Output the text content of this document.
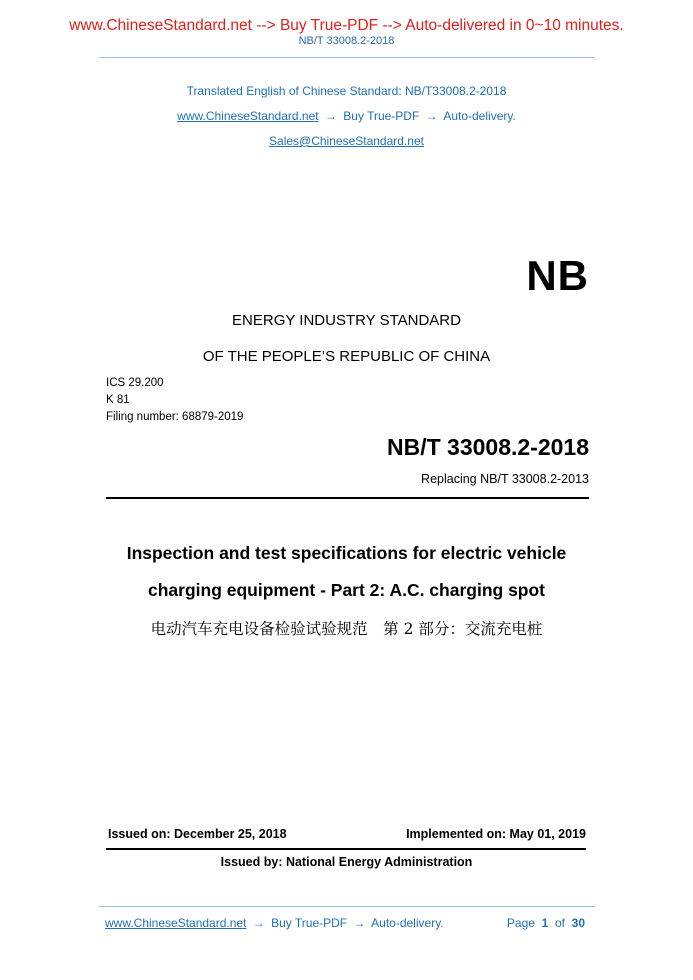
www.ChineseStandard.net --> Buy True-PDF --> Auto-delivered in 0~10 minutes.
NB/T 33008.2-2018
Translated English of Chinese Standard: NB/T33008.2-2018
www.ChineseStandard.net → Buy True-PDF → Auto-delivery.
Sales@ChineseStandard.net
NB
ENERGY INDUSTRY STANDARD
OF THE PEOPLE’S REPUBLIC OF CHINA
ICS 29.200
K 81
Filing number: 68879-2019
NB/T 33008.2-2018
Replacing NB/T 33008.2-2013
Inspection and test specifications for electric vehicle
charging equipment - Part 2: A.C. charging spot
电动汽车充电设备检验试验规范　第 2 部分：交流充电桩
Issued on: December 25, 2018	Implemented on: May 01, 2019
Issued by: National Energy Administration
www.ChineseStandard.net → Buy True-PDF → Auto-delivery.	Page 1 of 30
